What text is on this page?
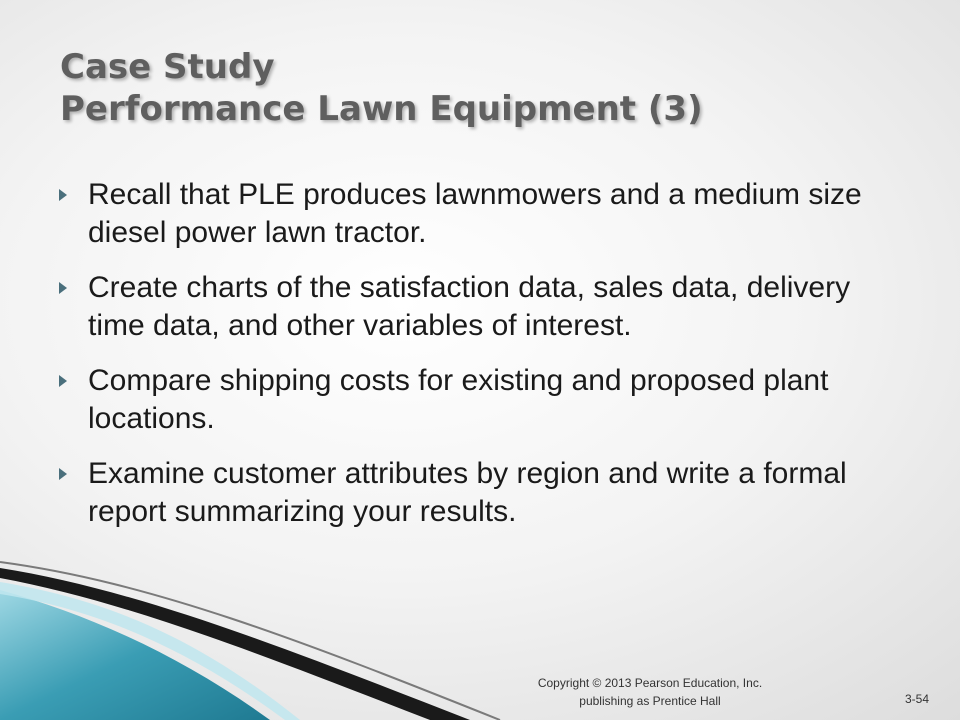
Case Study
Performance Lawn Equipment (3)
Recall that PLE produces lawnmowers and a medium size diesel power lawn tractor.
Create charts of the satisfaction data, sales data, delivery time data, and other variables of interest.
Compare shipping costs for existing and proposed plant locations.
Examine customer attributes by region and write a formal report summarizing your results.
Copyright © 2013 Pearson Education, Inc.
publishing as Prentice Hall	3-54
